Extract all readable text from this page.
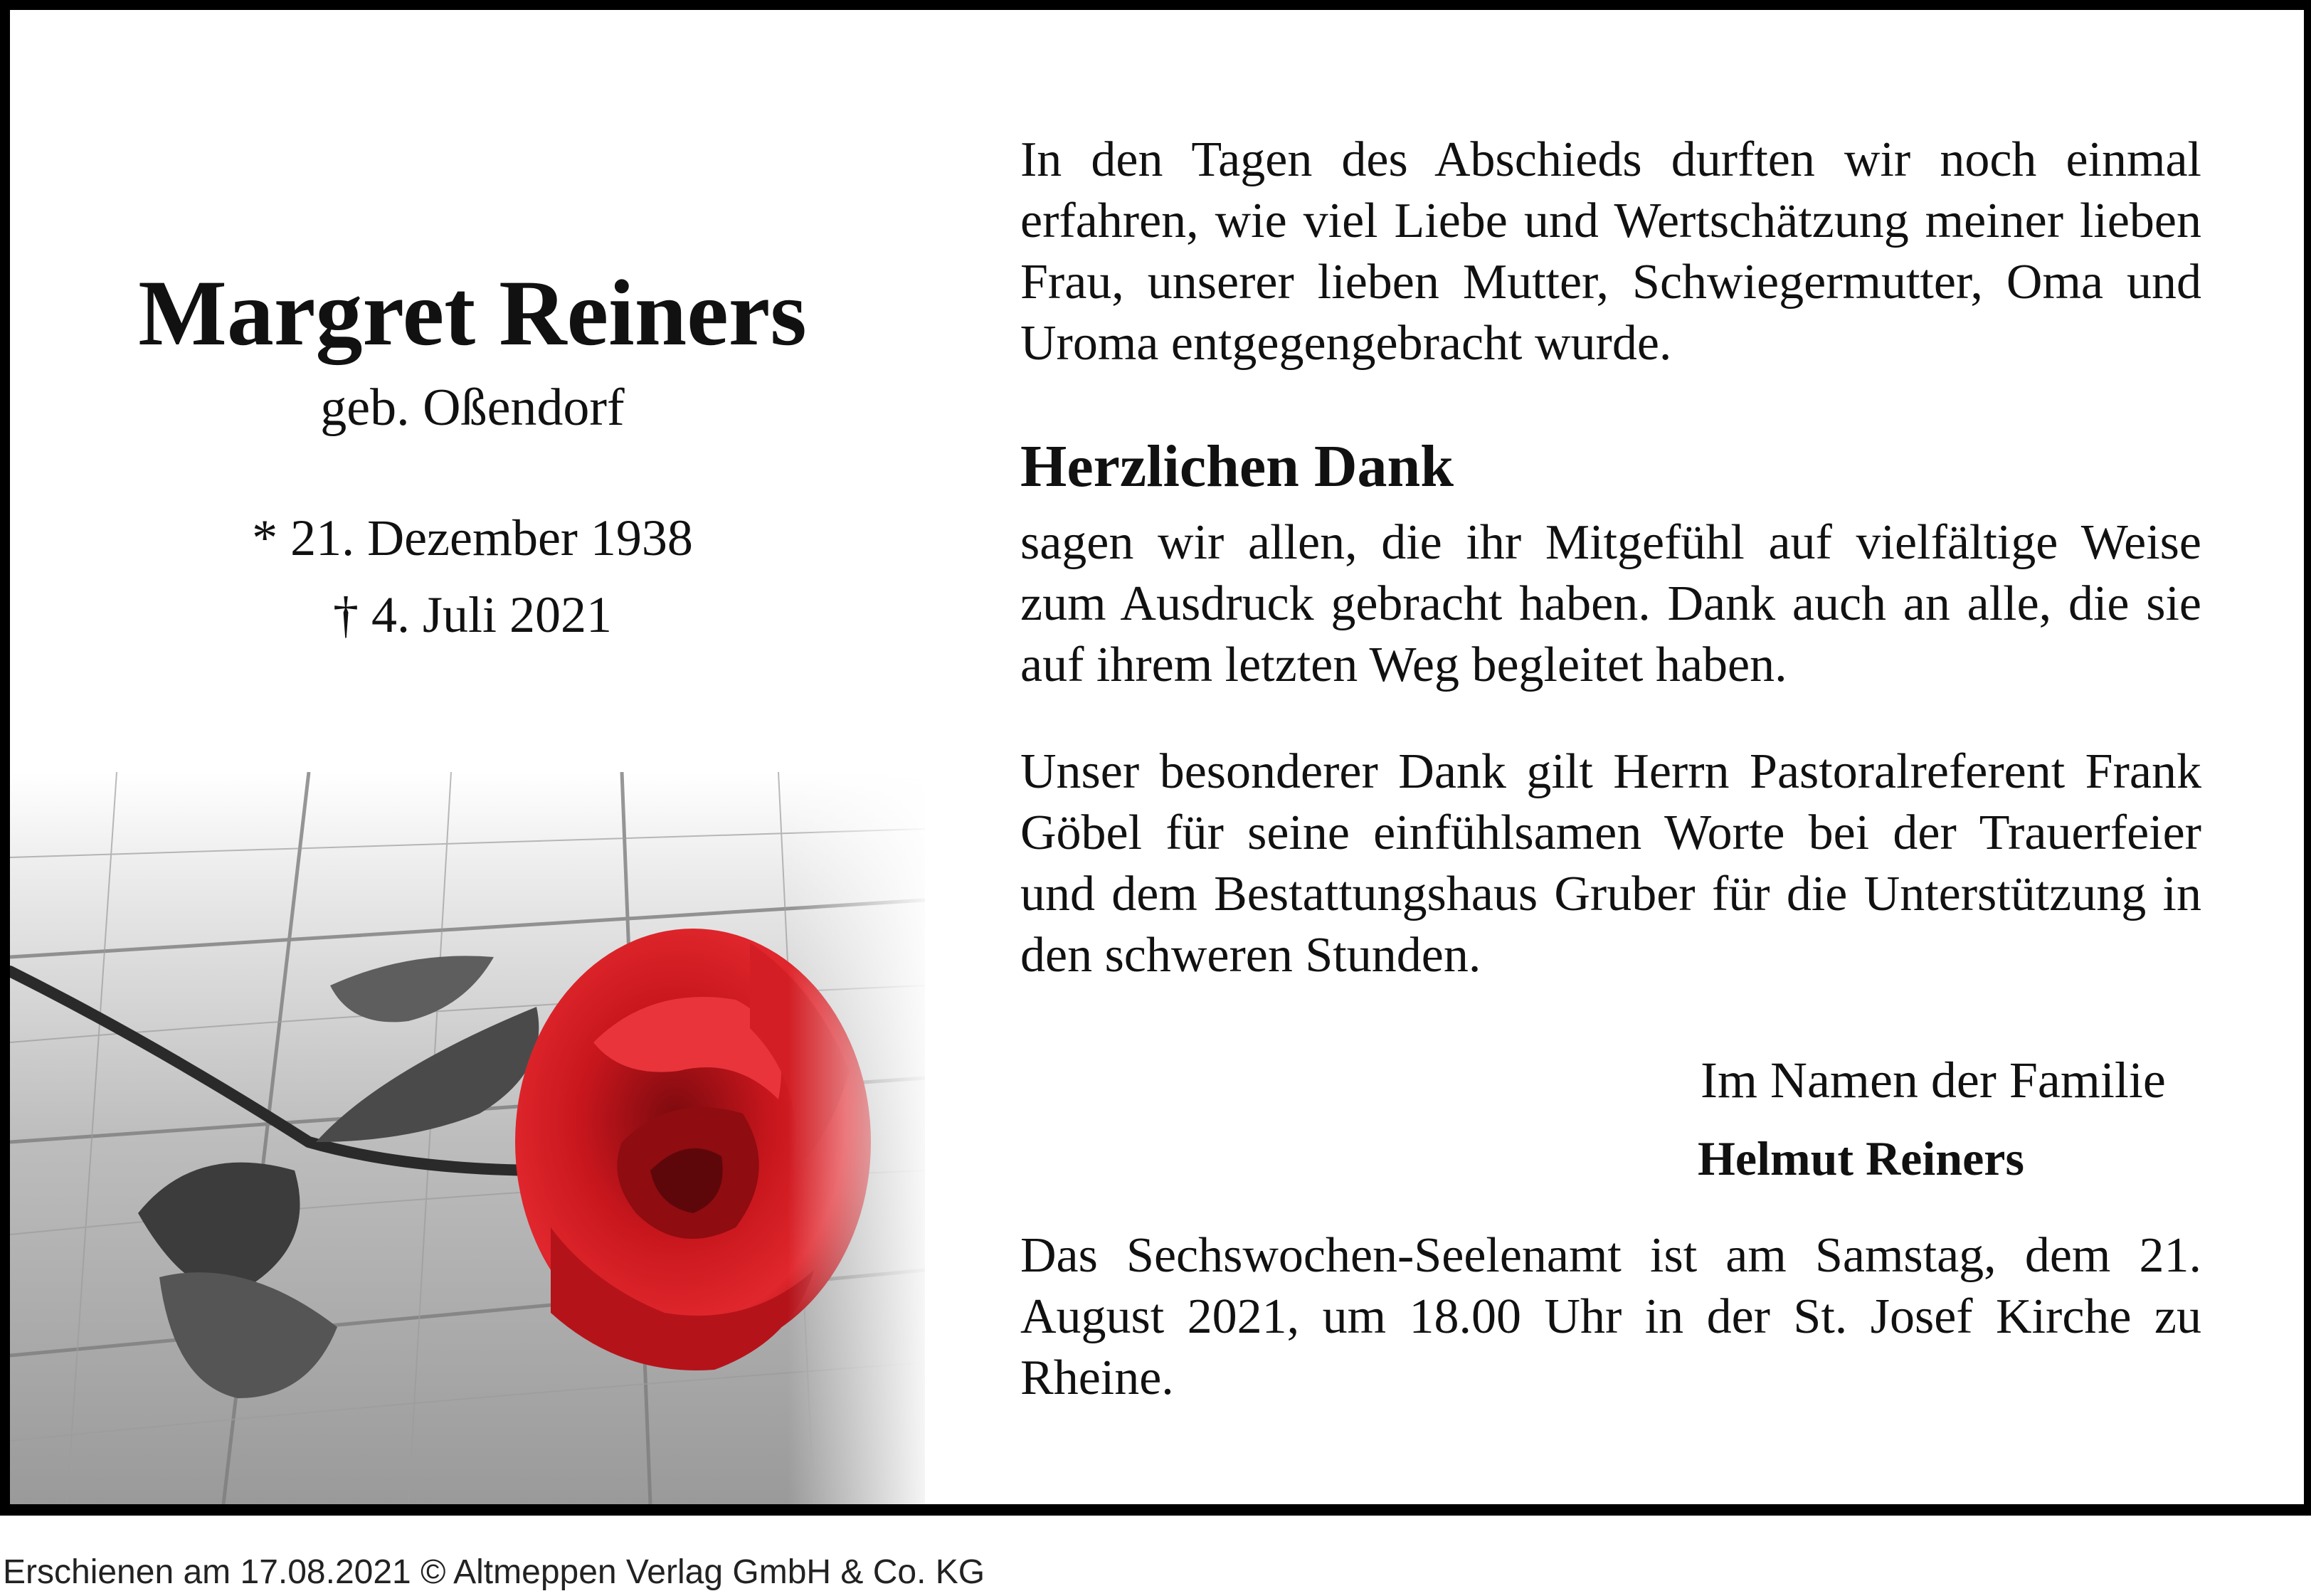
Margret Reiners
geb. Oßendorf
* 21. Dezember 1938
† 4. Juli 2021

In den Tagen des Abschieds durften wir noch einmal erfahren, wie viel Liebe und Wertschätzung meiner lieben Frau, unserer lieben Mutter, Schwiegermutter, Oma und Uroma entgegengebracht wurde.

Herzlichen Dank

sagen wir allen, die ihr Mitgefühl auf vielfältige Weise zum Ausdruck gebracht haben. Dank auch an alle, die sie auf ihrem letzten Weg begleitet haben.

Unser besonderer Dank gilt Herrn Pastoralreferent Frank Göbel für seine einfühlsamen Worte bei der Trauerfeier und dem Bestattungshaus Gruber für die Unterstützung in den schweren Stunden.

Im Namen der Familie
Helmut Reiners
Das Sechswochen-Seelenamt ist am Samstag, dem 21. August 2021, um 18.00 Uhr in der St. Josef Kirche zu Rheine.
Erschienen am 17.08.2021 © Altmeppen Verlag GmbH & Co. KG
